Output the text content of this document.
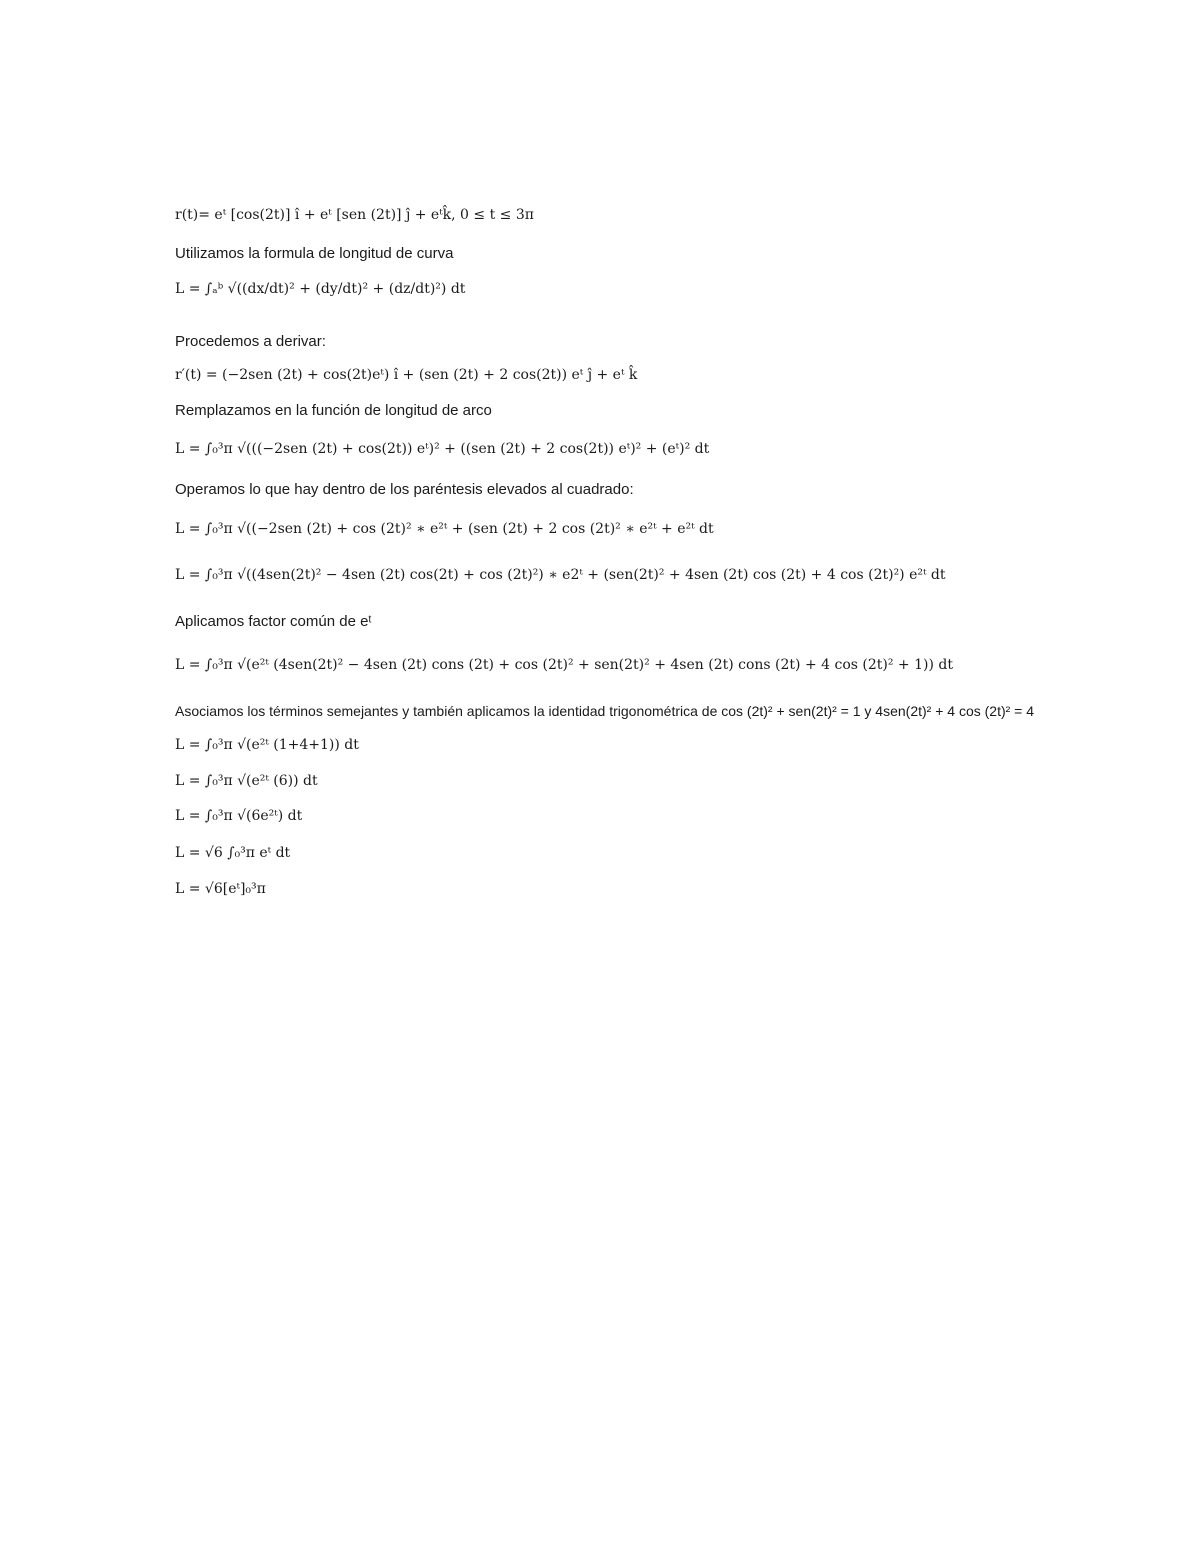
r(t)= eᵗ [cos(2t)] î + eᵗ [sen (2t)] ĵ + eᵗk̂, 0 ≤ t ≤ 3π
Utilizamos la formula de longitud de curva
L = ∫ₐᵇ √((dx/dt)² + (dy/dt)² + (dz/dt)²) dt
Procedemos a derivar:
r′(t) = (−2sen (2t) + cos(2t)eᵗ) î + (sen (2t) + 2 cos(2t)) eᵗ ĵ + eᵗ k̂
Remplazamos en la función de longitud de arco
L = ∫₀³π √(((−2sen (2t) + cos(2t)) eᵗ)² + ((sen (2t) + 2 cos(2t)) eᵗ)² + (eᵗ)² dt
Operamos lo que hay dentro de los paréntesis elevados al cuadrado:
L = ∫₀³π √((−2sen (2t) + cos (2t)² ∗ e²ᵗ + (sen (2t) + 2 cos (2t)² ∗ e²ᵗ + e²ᵗ dt
L = ∫₀³π √((4sen(2t)² − 4sen (2t) cos(2t) + cos (2t)²) ∗ e2ᵗ + (sen(2t)² + 4sen (2t) cos (2t) + 4 cos (2t)²) e²ᵗ dt
Aplicamos factor común de eᵗ
L = ∫₀³π √(e²ᵗ (4sen(2t)² − 4sen (2t) cons (2t) + cos (2t)² + sen(2t)² + 4sen (2t) cons (2t) + 4 cos (2t)² + 1)) dt
Asociamos los términos semejantes y también aplicamos la identidad trigonométrica de cos (2t)² + sen(2t)² = 1 y 4sen(2t)² + 4 cos (2t)² = 4
L = ∫₀³π √(e²ᵗ (1+4+1)) dt
L = ∫₀³π √(e²ᵗ (6)) dt
L = ∫₀³π √(6e²ᵗ) dt
L = √6 ∫₀³π eᵗ dt
L = √6[eᵗ]₀³π
